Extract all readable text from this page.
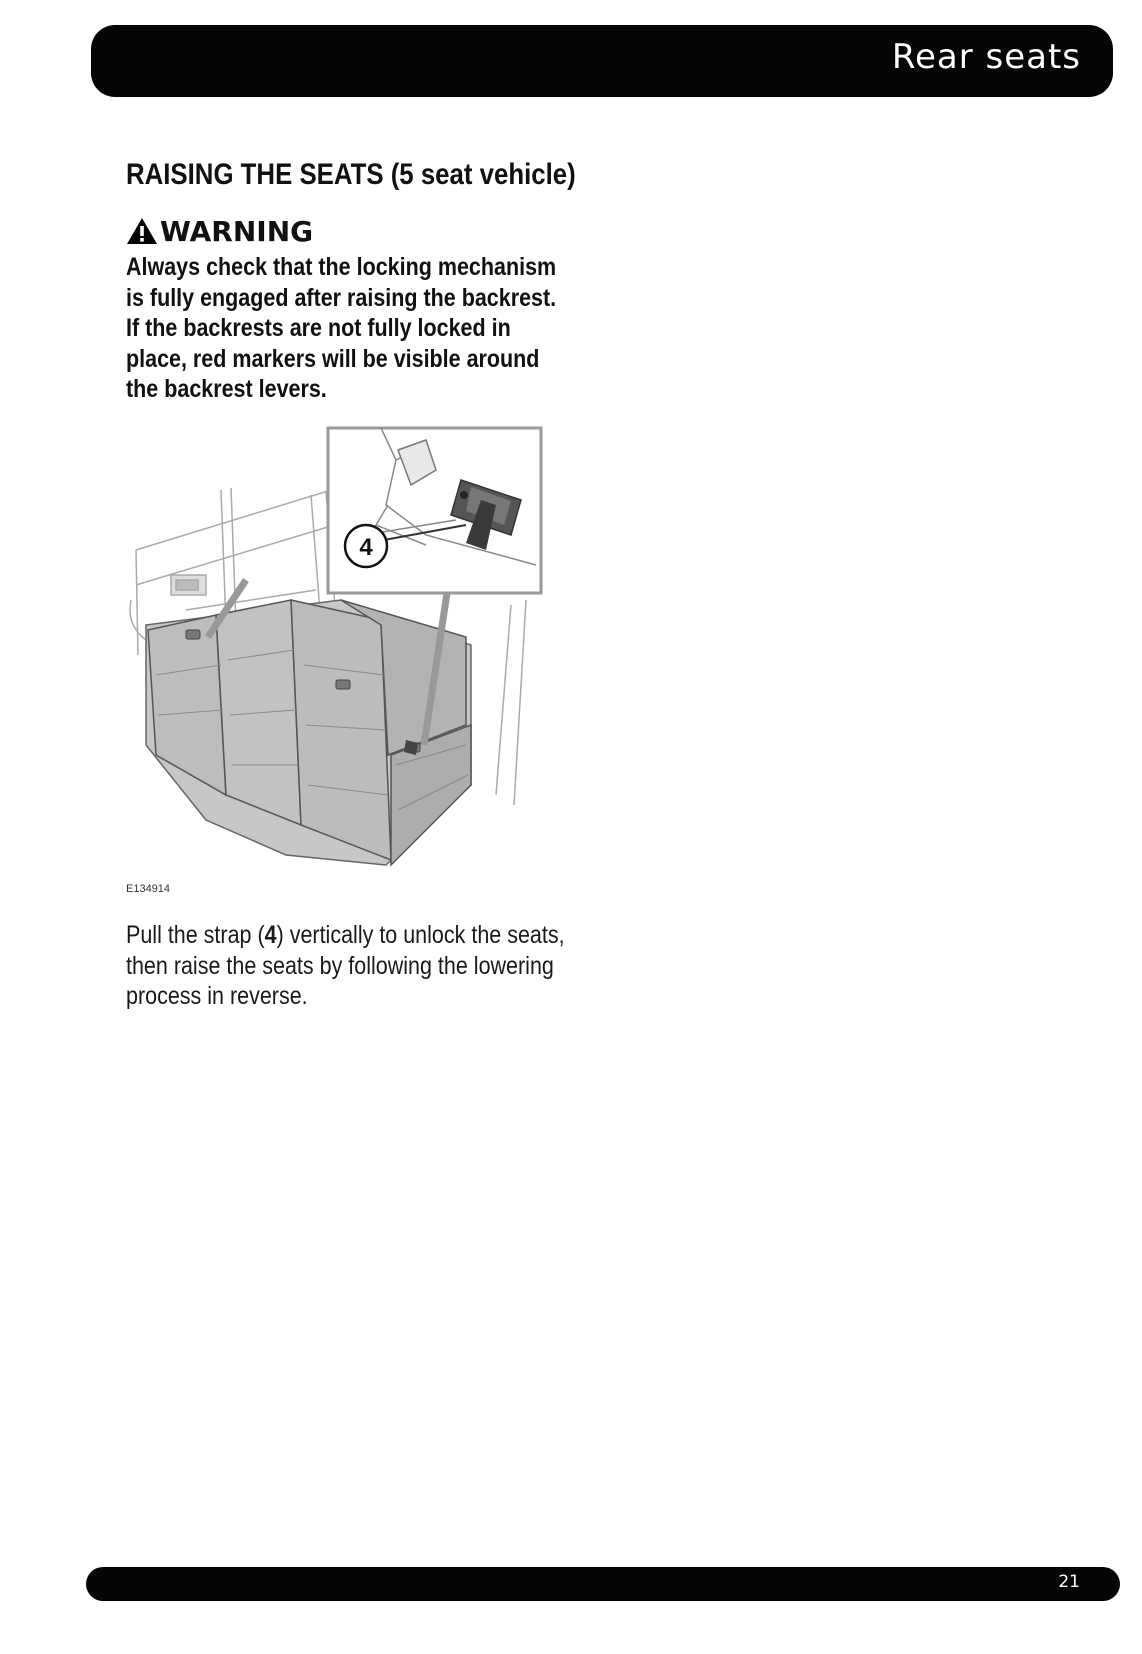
Rear seats
RAISING THE SEATS (5 seat vehicle)
WARNING

Always check that the locking mechanism is fully engaged after raising the backrest. If the backrests are not fully locked in place, red markers will be visible around the backrest levers.

4
E134914

Pull the strap (4) vertically to unlock the seats, then raise the seats by following the lowering process in reverse.

21
